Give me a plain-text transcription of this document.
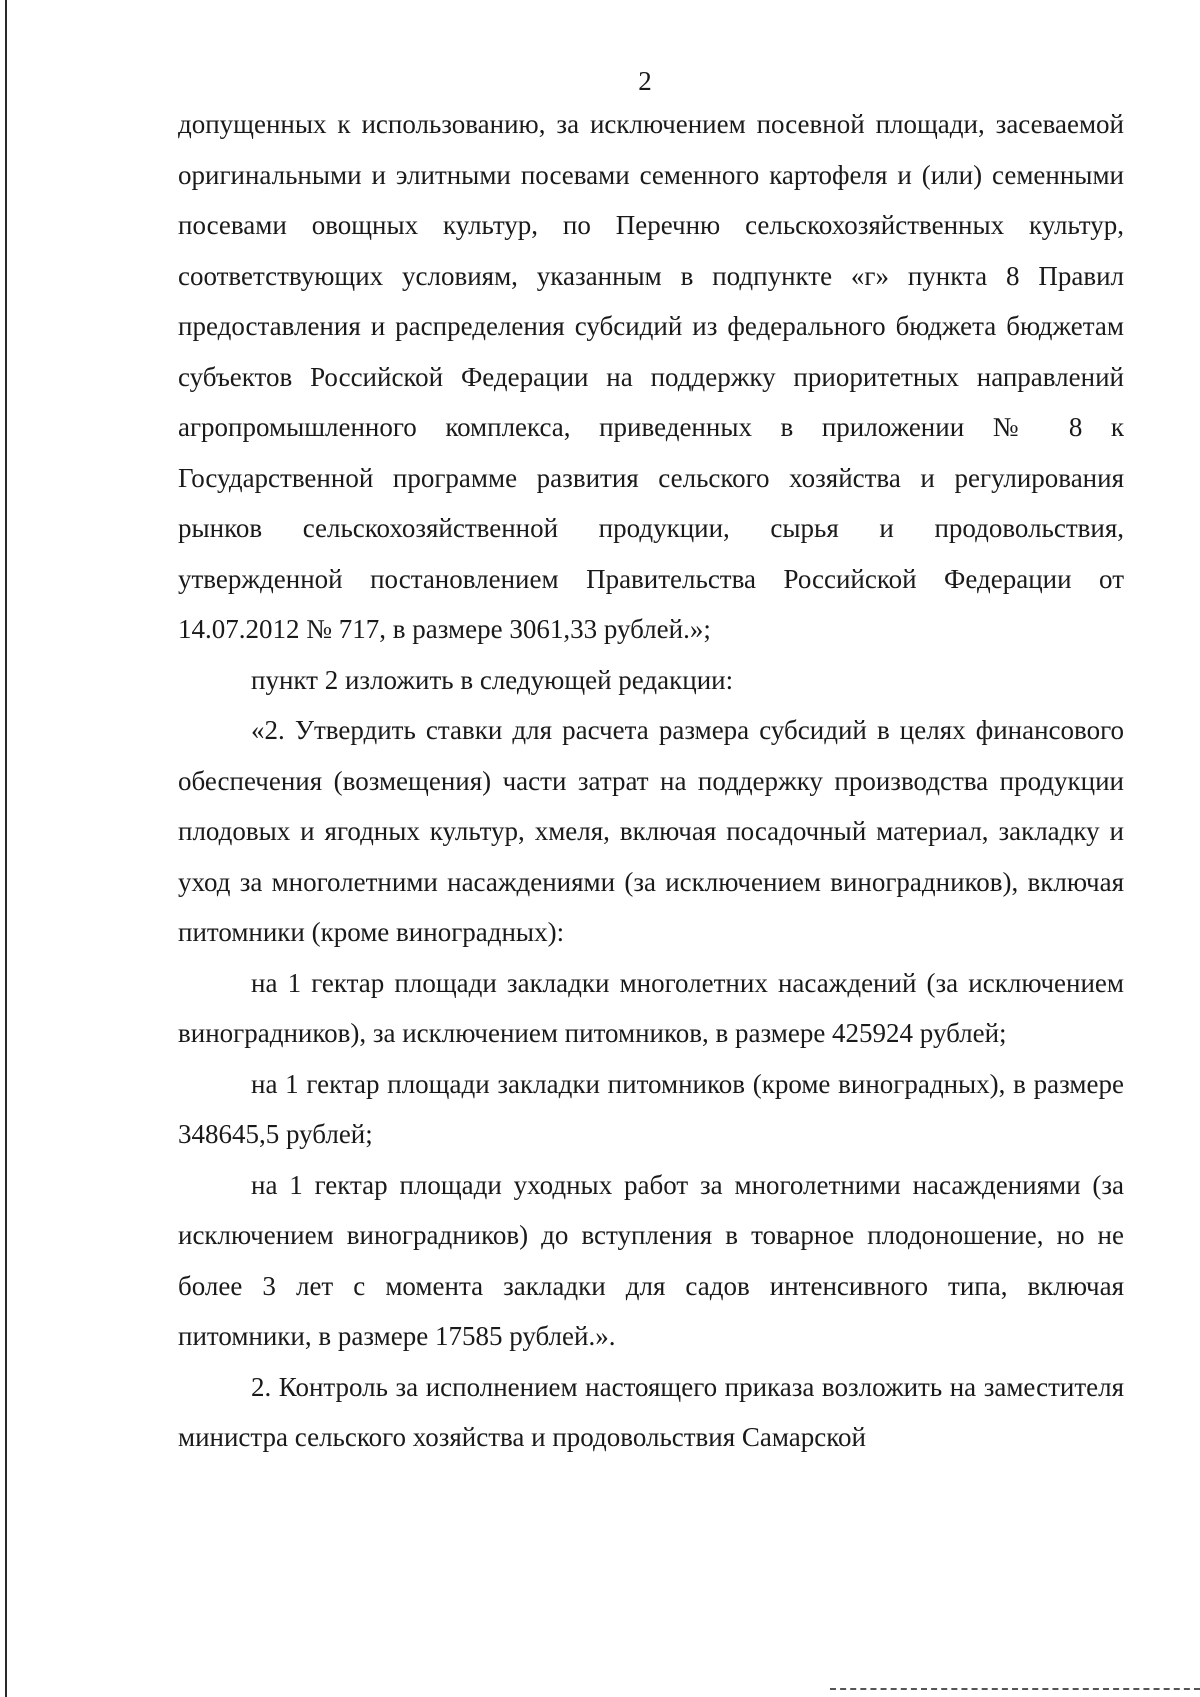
2

допущенных к использованию, за исключением посевной площади, засеваемой оригинальными и элитными посевами семенного картофеля и (или) семенными посевами овощных культур, по Перечню сельскохозяйственных культур, соответствующих условиям, указанным в подпункте «г» пункта 8 Правил предоставления и распределения субсидий из федерального бюджета бюджетам субъектов Российской Федерации на поддержку приоритетных направлений агропромышленного комплекса, приведенных в приложении № 8 к Государственной программе развития сельского хозяйства и регулирования рынков сельскохозяйственной продукции, сырья и продовольствия, утвержденной постановлением Правительства Российской Федерации от 14.07.2012 № 717, в размере 3061,33 рублей.»;

пункт 2 изложить в следующей редакции:

«2. Утвердить ставки для расчета размера субсидий в целях финансового обеспечения (возмещения) части затрат на поддержку производства продукции плодовых и ягодных культур, хмеля, включая посадочный материал, закладку и уход за многолетними насаждениями (за исключением виноградников), включая питомники (кроме виноградных):

на 1 гектар площади закладки многолетних насаждений (за исключением виноградников), за исключением питомников, в размере 425924 рублей;

на 1 гектар площади закладки питомников (кроме виноградных), в размере 348645,5 рублей;

на 1 гектар площади уходных работ за многолетними насаждениями (за исключением виноградников) до вступления в товарное плодоношение, но не более 3 лет с момента закладки для садов интенсивного типа, включая питомники, в размере 17585 рублей.».

2. Контроль за исполнением настоящего приказа возложить на заместителя министра сельского хозяйства и продовольствия Самарской
